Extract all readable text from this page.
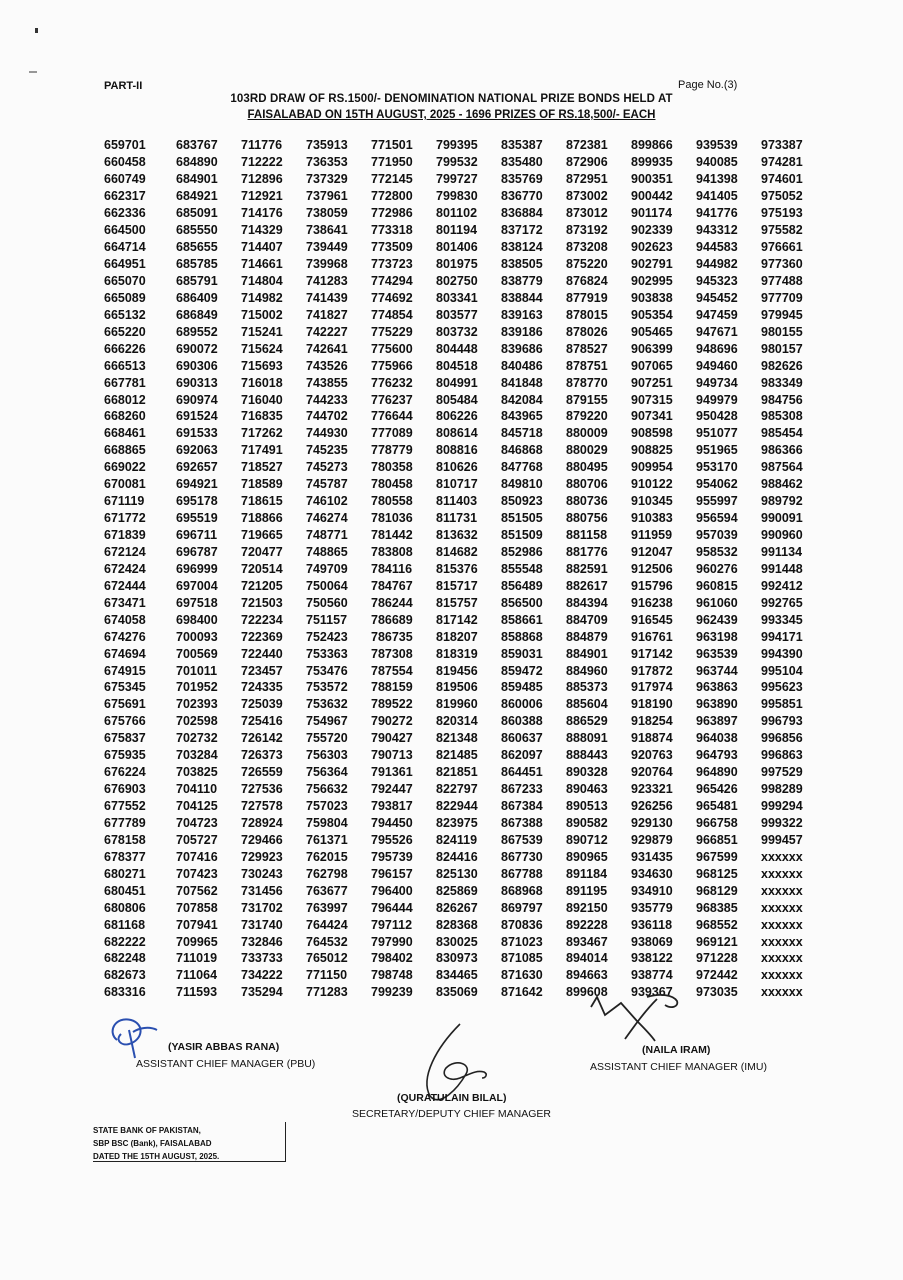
PART-II	Page No.(3)
103RD DRAW OF RS.1500/- DENOMINATION NATIONAL PRIZE BONDS HELD AT
FAISALABAD ON 15TH AUGUST, 2025 - 1696 PRIZES OF RS.18,500/- EACH
659701	683767	711776	735913	771501	799395	835387	872381	899866	939539	973387
660458	684890	712222	736353	771950	799532	835480	872906	899935	940085	974281
660749	684901	712896	737329	772145	799727	835769	872951	900351	941398	974601
662317	684921	712921	737961	772800	799830	836770	873002	900442	941405	975052
662336	685091	714176	738059	772986	801102	836884	873012	901174	941776	975193
664500	685550	714329	738641	773318	801194	837172	873192	902339	943312	975582
664714	685655	714407	739449	773509	801406	838124	873208	902623	944583	976661
664951	685785	714661	739968	773723	801975	838505	875220	902791	944982	977360
665070	685791	714804	741283	774294	802750	838779	876824	902995	945323	977488
665089	686409	714982	741439	774692	803341	838844	877919	903838	945452	977709
665132	686849	715002	741827	774854	803577	839163	878015	905354	947459	979945
665220	689552	715241	742227	775229	803732	839186	878026	905465	947671	980155
666226	690072	715624	742641	775600	804448	839686	878527	906399	948696	980157
666513	690306	715693	743526	775966	804518	840486	878751	907065	949460	982626
667781	690313	716018	743855	776232	804991	841848	878770	907251	949734	983349
668012	690974	716040	744233	776237	805484	842084	879155	907315	949979	984756
668260	691524	716835	744702	776644	806226	843965	879220	907341	950428	985308
668461	691533	717262	744930	777089	808614	845718	880009	908598	951077	985454
668865	692063	717491	745235	778779	808816	846868	880029	908825	951965	986366
669022	692657	718527	745273	780358	810626	847768	880495	909954	953170	987564
670081	694921	718589	745787	780458	810717	849810	880706	910122	954062	988462
671119	695178	718615	746102	780558	811403	850923	880736	910345	955997	989792
671772	695519	718866	746274	781036	811731	851505	880756	910383	956594	990091
671839	696711	719665	748771	781442	813632	851509	881158	911959	957039	990960
672124	696787	720477	748865	783808	814682	852986	881776	912047	958532	991134
672424	696999	720514	749709	784116	815376	855548	882591	912506	960276	991448
672444	697004	721205	750064	784767	815717	856489	882617	915796	960815	992412
673471	697518	721503	750560	786244	815757	856500	884394	916238	961060	992765
674058	698400	722234	751157	786689	817142	858661	884709	916545	962439	993345
674276	700093	722369	752423	786735	818207	858868	884879	916761	963198	994171
674694	700569	722440	753363	787308	818319	859031	884901	917142	963539	994390
674915	701011	723457	753476	787554	819456	859472	884960	917872	963744	995104
675345	701952	724335	753572	788159	819506	859485	885373	917974	963863	995623
675691	702393	725039	753632	789522	819960	860006	885604	918190	963890	995851
675766	702598	725416	754967	790272	820314	860388	886529	918254	963897	996793
675837	702732	726142	755720	790427	821348	860637	888091	918874	964038	996856
675935	703284	726373	756303	790713	821485	862097	888443	920763	964793	996863
676224	703825	726559	756364	791361	821851	864451	890328	920764	964890	997529
676903	704110	727536	756632	792447	822797	867233	890463	923321	965426	998289
677552	704125	727578	757023	793817	822944	867384	890513	926256	965481	999294
677789	704723	728924	759804	794450	823975	867388	890582	929130	966758	999322
678158	705727	729466	761371	795526	824119	867539	890712	929879	966851	999457
678377	707416	729923	762015	795739	824416	867730	890965	931435	967599	xxxxxx
680271	707423	730243	762798	796157	825130	867788	891184	934630	968125	xxxxxx
680451	707562	731456	763677	796400	825869	868968	891195	934910	968129	xxxxxx
680806	707858	731702	763997	796444	826267	869797	892150	935779	968385	xxxxxx
681168	707941	731740	764424	797112	828368	870836	892228	936118	968552	xxxxxx
682222	709965	732846	764532	797990	830025	871023	893467	938069	969121	xxxxxx
682248	711019	733733	765012	798402	830973	871085	894014	938122	971228	xxxxxx
682673	711064	734222	771150	798748	834465	871630	894663	938774	972442	xxxxxx
683316	711593	735294	771283	799239	835069	871642	899608	939367	973035	xxxxxx
(YASIR ABBAS RANA)
ASSISTANT CHIEF MANAGER (PBU)
(QURATULAIN BILAL)
SECRETARY/DEPUTY CHIEF MANAGER
(NAILA IRAM)
ASSISTANT CHIEF MANAGER (IMU)
STATE BANK OF PAKISTAN,
SBP BSC (Bank), FAISALABAD
DATED THE 15TH AUGUST, 2025.
